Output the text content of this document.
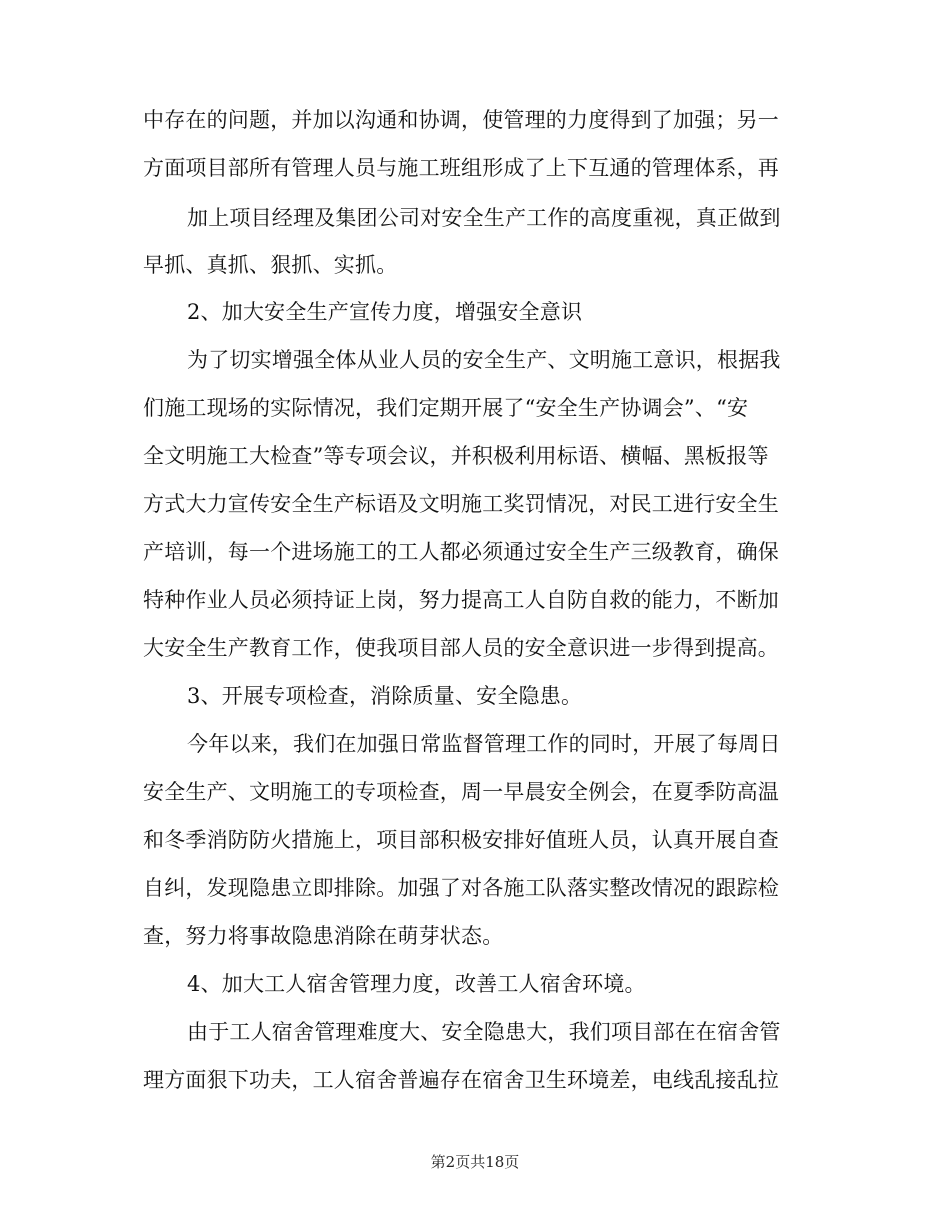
中存在的问题，并加以沟通和协调，使管理的力度得到了加强；另一
方面项目部所有管理人员与施工班组形成了上下互通的管理体系，再
加上项目经理及集团公司对安全生产工作的高度重视，真正做到
早抓、真抓、狠抓、实抓。
2、加大安全生产宣传力度，增强安全意识
为了切实增强全体从业人员的安全生产、文明施工意识，根据我
们施工现场的实际情况，我们定期开展了“安全生产协调会”、“安
全文明施工大检查”等专项会议，并积极利用标语、横幅、黑板报等
方式大力宣传安全生产标语及文明施工奖罚情况，对民工进行安全生
产培训，每一个进场施工的工人都必须通过安全生产三级教育，确保
特种作业人员必须持证上岗，努力提高工人自防自救的能力，不断加
大安全生产教育工作，使我项目部人员的安全意识进一步得到提高。
3、开展专项检查，消除质量、安全隐患。
今年以来，我们在加强日常监督管理工作的同时，开展了每周日
安全生产、文明施工的专项检查，周一早晨安全例会，在夏季防高温
和冬季消防防火措施上，项目部积极安排好值班人员，认真开展自查
自纠，发现隐患立即排除。加强了对各施工队落实整改情况的跟踪检
查，努力将事故隐患消除在萌芽状态。
4、加大工人宿舍管理力度，改善工人宿舍环境。
由于工人宿舍管理难度大、安全隐患大，我们项目部在在宿舍管
理方面狠下功夫，工人宿舍普遍存在宿舍卫生环境差，电线乱接乱拉
第2页共18页
